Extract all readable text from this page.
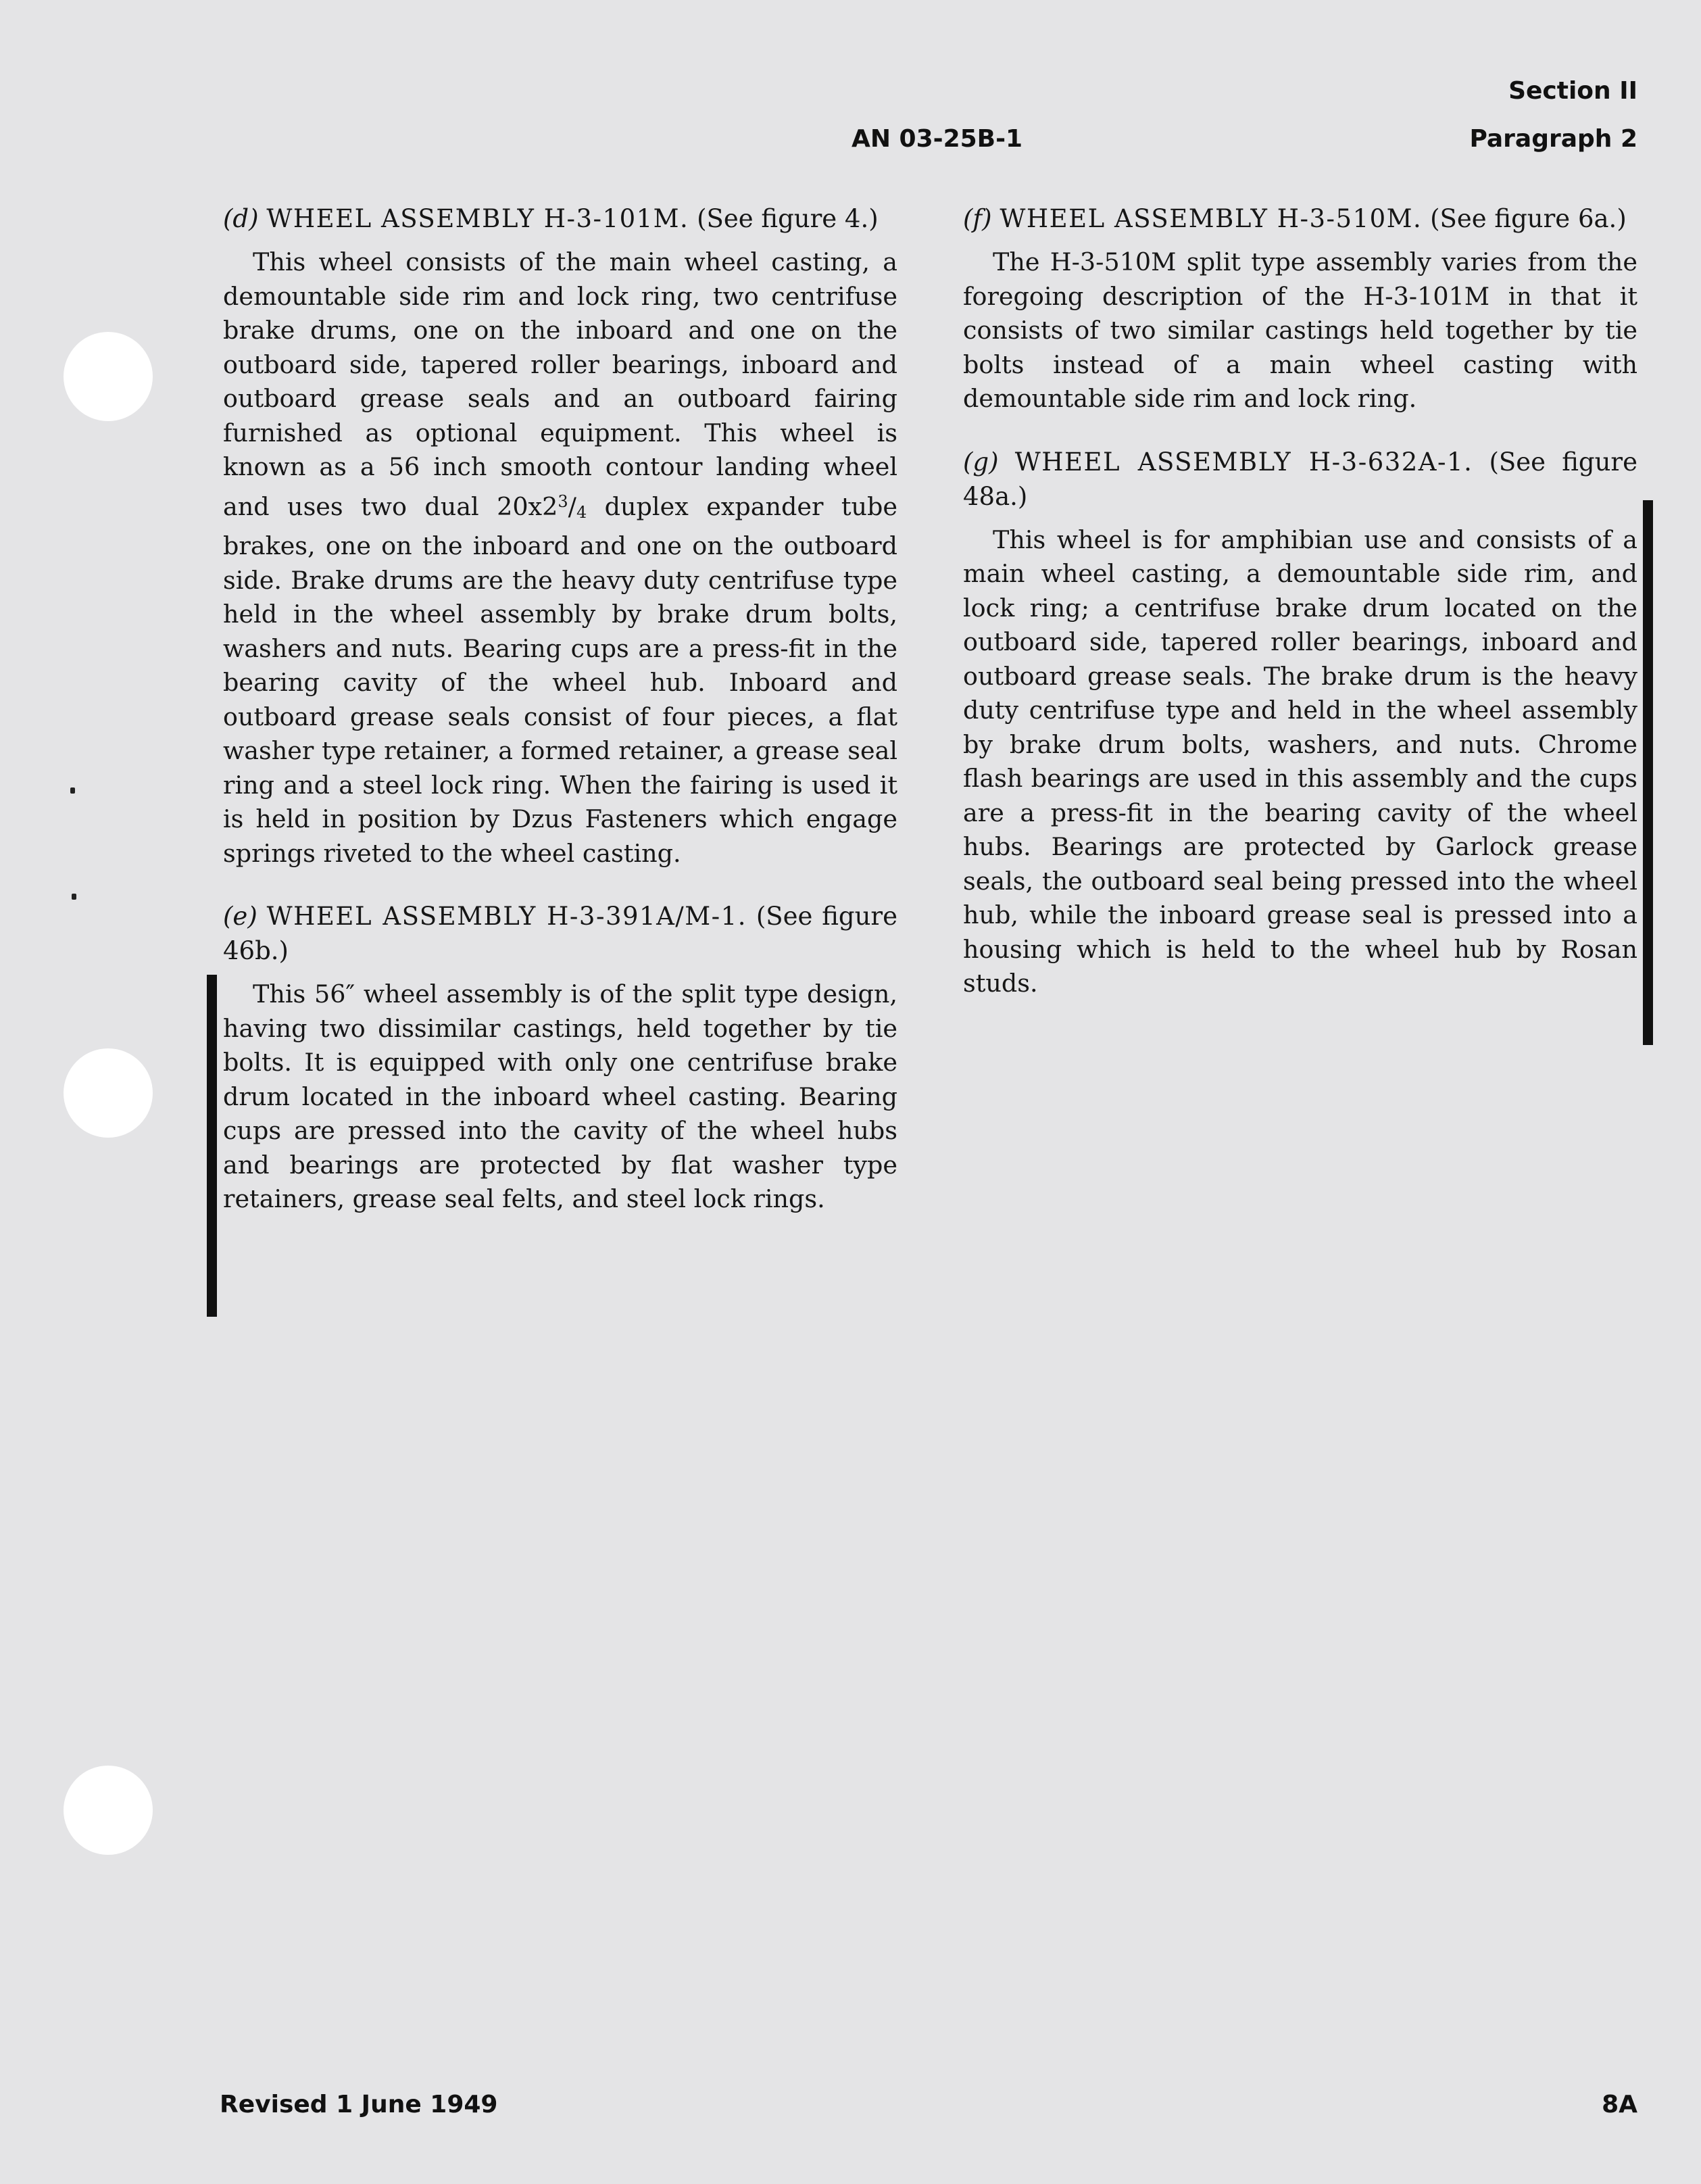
Section II
AN 03-25B-1	Paragraph 2

(d) WHEEL ASSEMBLY H-3-101M. (See figure 4.)

This wheel consists of the main wheel casting, a demountable side rim and lock ring, two centrifuse brake drums, one on the inboard and one on the outboard side, tapered roller bearings, inboard and outboard grease seals and an outboard fairing furnished as optional equipment. This wheel is known as a 56 inch smooth contour landing wheel and uses two dual $20x2^3/_4$ duplex expander tube brakes, one on the inboard and one on the outboard side. Brake drums are the heavy duty centrifuse type held in the wheel assembly by brake drum bolts, washers and nuts. Bearing cups are a press-fit in the bearing cavity of the wheel hub. Inboard and outboard grease seals consist of four pieces, a flat washer type retainer, a formed retainer, a grease seal ring and a steel lock ring. When the fairing is used it is held in position by Dzus Fasteners which engage springs riveted to the wheel casting.

(e) WHEEL ASSEMBLY H-3-391A/M-1. (See figure 46b.)

This 56″ wheel assembly is of the split type design, having two dissimilar castings, held together by tie bolts. It is equipped with only one centrifuse brake drum located in the inboard wheel casting. Bearing cups are pressed into the cavity of the wheel hubs and bearings are protected by flat washer type retainers, grease seal felts, and steel lock rings.

(f) WHEEL ASSEMBLY H-3-510M. (See figure 6a.)

The H-3-510M split type assembly varies from the foregoing description of the H-3-101M in that it consists of two similar castings held together by tie bolts instead of a main wheel casting with demountable side rim and lock ring.

(g) WHEEL ASSEMBLY H-3-632A-1. (See figure 48a.)

This wheel is for amphibian use and consists of a main wheel casting, a demountable side rim, and lock ring; a centrifuse brake drum located on the outboard side, tapered roller bearings, inboard and outboard grease seals. The brake drum is the heavy duty centrifuse type and held in the wheel assembly by brake drum bolts, washers, and nuts. Chrome flash bearings are used in this assembly and the cups are a press-fit in the bearing cavity of the wheel hubs. Bearings are protected by Garlock grease seals, the outboard seal being pressed into the wheel hub, while the inboard grease seal is pressed into a housing which is held to the wheel hub by Rosan studs.

Revised 1 June 1949	8A
